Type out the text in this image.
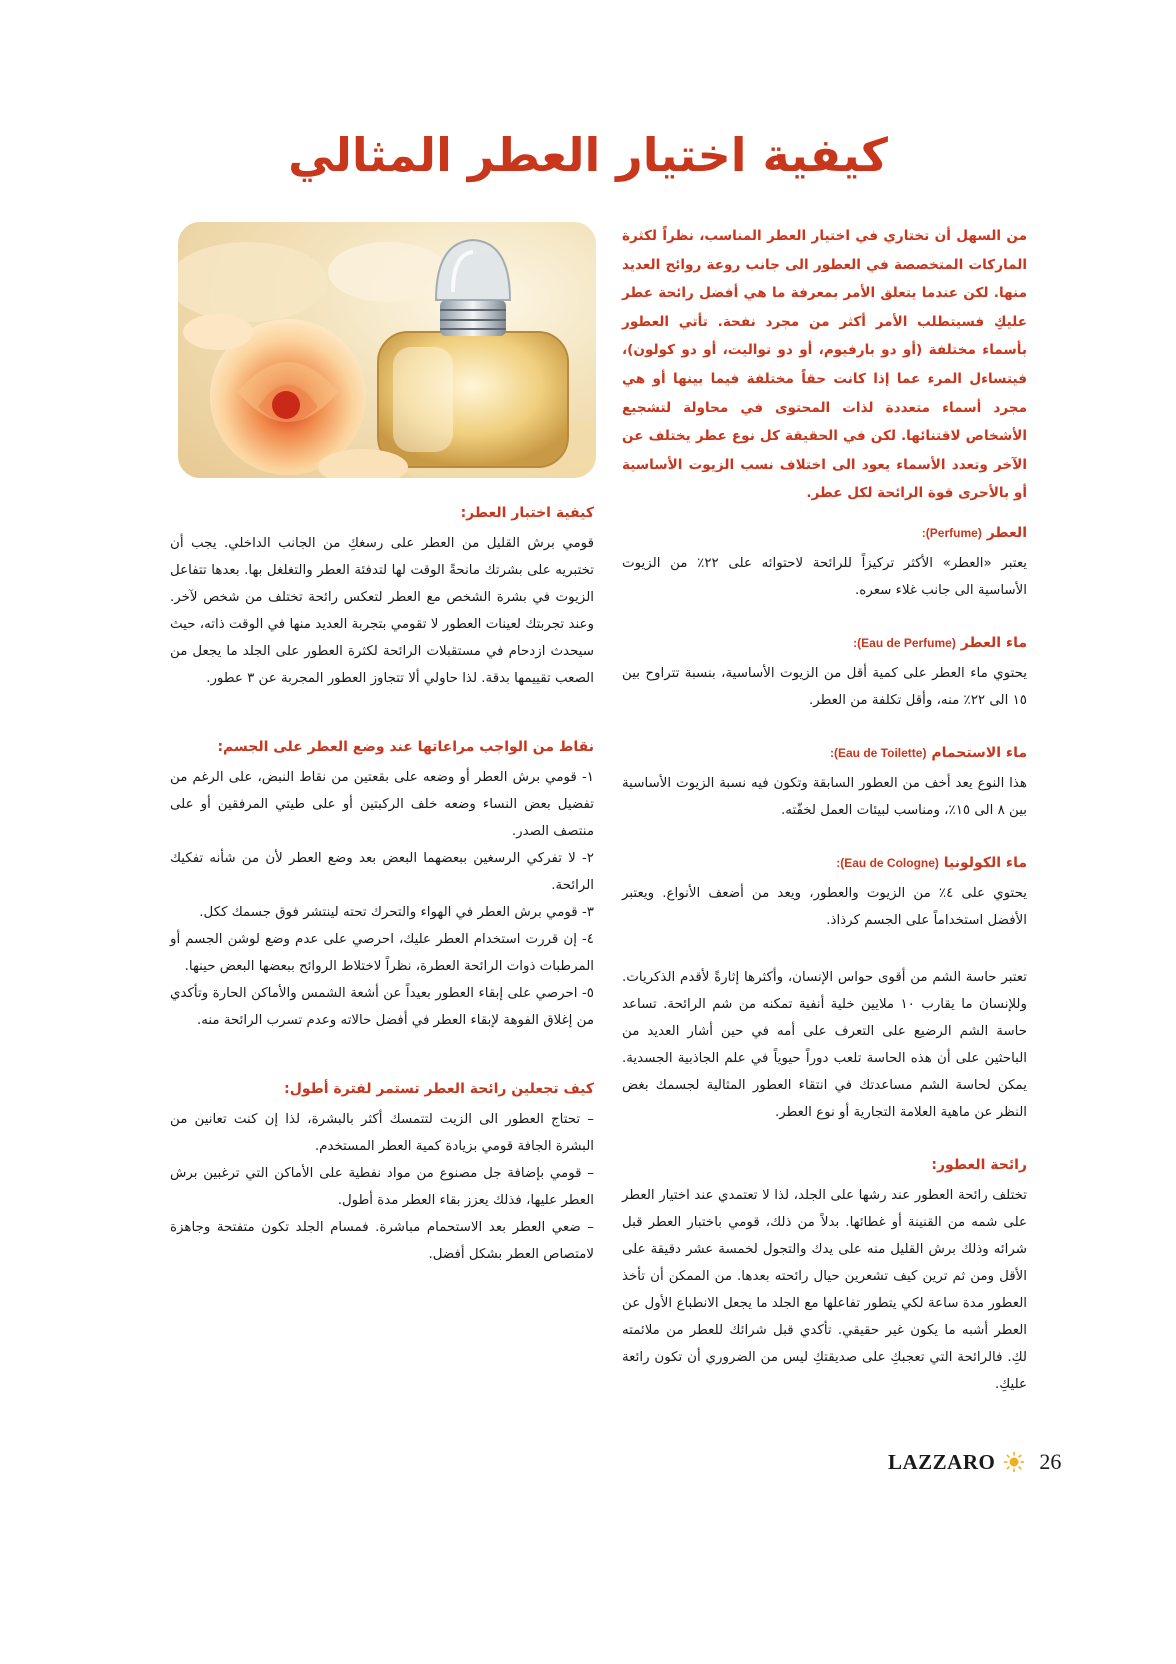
كيفية اختيار العطر المثالي

من السهل أن تختاري في اختيار العطر المناسب، نظراً لكثرة الماركات المتخصصة في العطور الى جانب روعة روائح العديد منها. لكن عندما يتعلق الأمر بمعرفة ما هي أفضل رائحة عطر عليكِ فسيتطلب الأمر أكثر من مجرد نفحة. تأتي العطور بأسماء مختلفة (أو دو بارفيوم، أو دو تواليت، أو دو كولون)، فيتساءل المرء عما إذا كانت حقاً مختلفة فيما بينها أو هي مجرد أسماء متعددة لذات المحتوى في محاولة لتشجيع الأشخاص لاقتنائها. لكن في الحقيقة كل نوع عطر يختلف عن الآخر وتعدد الأسماء يعود الى اختلاف نسب الزيوت الأساسية أو بالأحرى قوة الرائحة لكل عطر.

العطر (Perfume):

يعتبر «العطر» الأكثر تركيزاً للرائحة لاحتوائه على ٢٢٪ من الزيوت الأساسية الى جانب غلاء سعره.

ماء العطر (Eau de Perfume):

يحتوي ماء العطر على كمية أقل من الزيوت الأساسية، بنسبة تتراوح بين ١٥ الى ٢٢٪ منه، وأقل تكلفة من العطر.

ماء الاستحمام (Eau de Toilette):

هذا النوع يعد أخف من العطور السابقة وتكون فيه نسبة الزيوت الأساسية بين ٨ الى ١٥٪، ومناسب لبيئات العمل لخفّته.

ماء الكولونيا (Eau de Cologne):

يحتوي على ٤٪ من الزيوت والعطور، ويعد من أضعف الأنواع. ويعتبر الأفضل استخداماً على الجسم كرذاذ.

تعتبر حاسة الشم من أقوى حواس الإنسان، وأكثرها إثارةً لأقدم الذكريات. وللإنسان ما يقارب ١٠ ملايين خلية أنفية تمكنه من شم الرائحة. تساعد حاسة الشم الرضيع على التعرف على أمه في حين أشار العديد من الباحثين على أن هذه الحاسة تلعب دوراً حيوياً في علم الجاذبية الجسدية. يمكن لحاسة الشم مساعدتك في انتقاء العطور المثالية لجسمك بغض النظر عن ماهية العلامة التجارية أو نوع العطر.

رائحة العطور:

تختلف رائحة العطور عند رشها على الجلد، لذا لا تعتمدي عند اختيار العطر على شمه من القنينة أو غطائها. بدلاً من ذلك، قومي باختبار العطر قبل شرائه وذلك برش القليل منه على يدك والتجول لخمسة عشر دقيقة على الأقل ومن ثم ترين كيف تشعرين حيال رائحته بعدها. من الممكن أن تأخذ العطور مدة ساعة لكي يتطور تفاعلها مع الجلد ما يجعل الانطباع الأول عن العطر أشبه ما يكون غير حقيقي. تأكدي قبل شرائك للعطر من ملائمته لكِ. فالرائحة التي تعجبكِ على صديقتكِ ليس من الضروري أن تكون رائعة عليكِ.

كيفية اختبار العطر:

قومي برش القليل من العطر على رسغكِ من الجانب الداخلي. يجب أن تختبريه على بشرتك مانحةً الوقت لها لتدفئة العطر والتغلغل بها. بعدها تتفاعل الزيوت في بشرة الشخص مع العطر لتعكس رائحة تختلف من شخص لآخر. وعند تجربتك لعينات العطور لا تقومي بتجربة العديد منها في الوقت ذاته، حيث سيحدث ازدحام في مستقبلات الرائحة لكثرة العطور على الجلد ما يجعل من الصعب تقييمها بدقة. لذا حاولي ألا تتجاوز العطور المجربة عن ٣ عطور.

نقاط من الواجب مراعاتها عند وضع العطر على الجسم:

١- قومي برش العطر أو وضعه على بقعتين من نقاط النبض، على الرغم من تفضيل بعض النساء وضعه خلف الركبتين أو على طيتي المرفقين أو على منتصف الصدر.

٢- لا تفركي الرسغين ببعضهما البعض بعد وضع العطر لأن من شأنه تفكيك الرائحة.

٣- قومي برش العطر في الهواء والتحرك تحته لينتشر فوق جسمك ككل.

٤- إن قررت استخدام العطر عليك، احرصي على عدم وضع لوشن الجسم أو المرطبات ذوات الرائحة العطرة، نظراً لاختلاط الروائح ببعضها البعض حينها.

٥- احرصي على إبقاء العطور بعيداً عن أشعة الشمس والأماكن الحارة وتأكدي من إغلاق الفوهة لإبقاء العطر في أفضل حالاته وعدم تسرب الرائحة منه.

كيف تجعلين رائحة العطر تستمر لفترة أطول:

– تحتاج العطور الى الزيت لتتمسك أكثر بالبشرة، لذا إن كنت تعانين من البشرة الجافة قومي بزيادة كمية العطر المستخدم.

– قومي بإضافة جل مصنوع من مواد نفطية على الأماكن التي ترغبين برش العطر عليها، فذلك يعزز بقاء العطر مدة أطول.

– ضعي العطر بعد الاستحمام مباشرة. فمسام الجلد تكون متفتحة وجاهزة لامتصاص العطر بشكل أفضل.

LAZZARO 26
